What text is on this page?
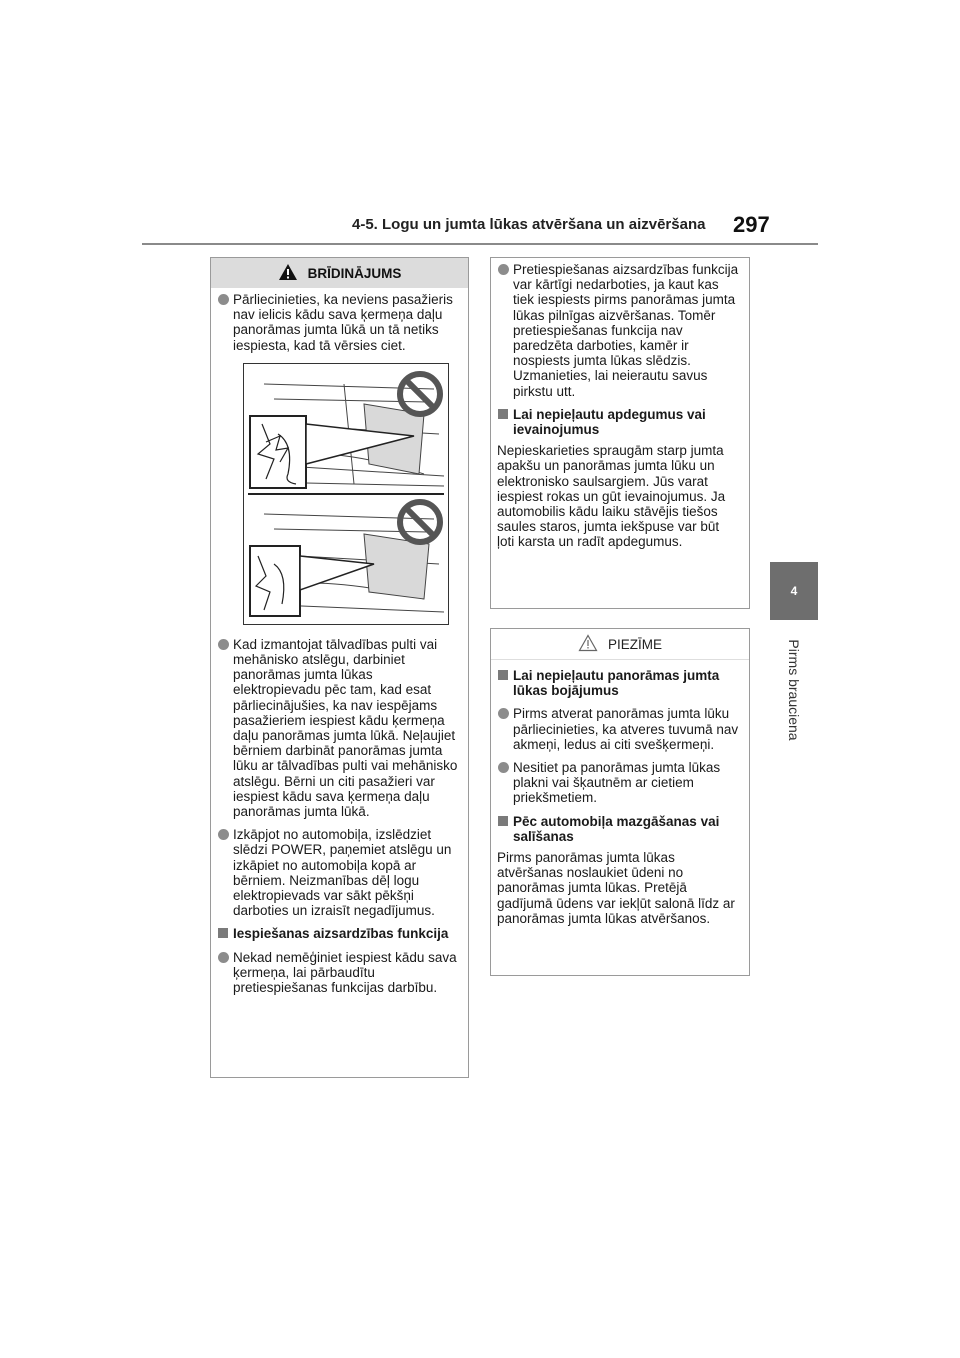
4-5. Logu un jumta lūkas atvēršana un aizvēršana 297
4
Pirms brauciena
BRĪDINĀJUMS
Pārliecinieties, ka neviens pasažieris nav ielicis kādu sava ķermeņa daļu panorāmas jumta lūkā un tā netiks iespiesta, kad tā vērsies ciet.
Kad izmantojat tālvadības pulti vai mehānisko atslēgu, darbiniet panorāmas jumta lūkas elektropievadu pēc tam, kad esat pārliecinājušies, ka nav iespējams pasažieriem iespiest kādu ķermeņa daļu panorāmas jumta lūkā. Neļaujiet bērniem darbināt panorāmas jumta lūku ar tālvadības pulti vai mehānisko atslēgu. Bērni un citi pasažieri var iespiest kādu sava ķermeņa daļu panorāmas jumta lūkā.
Izkāpjot no automobiļa, izslēdziet slēdzi POWER, paņemiet atslēgu un izkāpiet no automobiļa kopā ar bērniem. Neizmanības dēļ logu elektropievads var sākt pēkšņi darboties un izraisīt negadījumus.
Iespiešanas aizsardzības funkcija
Nekad nemēģiniet iespiest kādu sava ķermeņa, lai pārbaudītu pretiespiešanas funkcijas darbību.
Pretiespiešanas aizsardzības funkcija var kārtīgi nedarboties, ja kaut kas tiek iespiests pirms panorāmas jumta lūkas pilnīgas aizvēršanas. Tomēr pretiespiešanas funkcija nav paredzēta darboties, kamēr ir nospiests jumta lūkas slēdzis. Uzmanieties, lai neierautu savus pirkstu utt.
Lai nepieļautu apdegumus vai ievainojumus
Nepieskarieties spraugām starp jumta apakšu un panorāmas jumta lūku un elektronisko saulsargiem. Jūs varat iespiest rokas un gūt ievainojumus. Ja automobilis kādu laiku stāvējis tiešos saules staros, jumta iekšpuse var būt ļoti karsta un radīt apdegumus.
PIEZĪME
Lai nepieļautu panorāmas jumta lūkas bojājumus
Pirms atverat panorāmas jumta lūku pārliecinieties, ka atveres tuvumā nav akmeņi, ledus ai citi svešķermeņi.
Nesitiet pa panorāmas jumta lūkas plakni vai šķautnēm ar cietiem priekšmetiem.
Pēc automobiļa mazgāšanas vai salīšanas
Pirms panorāmas jumta lūkas atvēršanas noslaukiet ūdeni no panorāmas jumta lūkas. Pretējā gadījumā ūdens var iekļūt salonā līdz ar panorāmas jumta lūkas atvēršanos.
